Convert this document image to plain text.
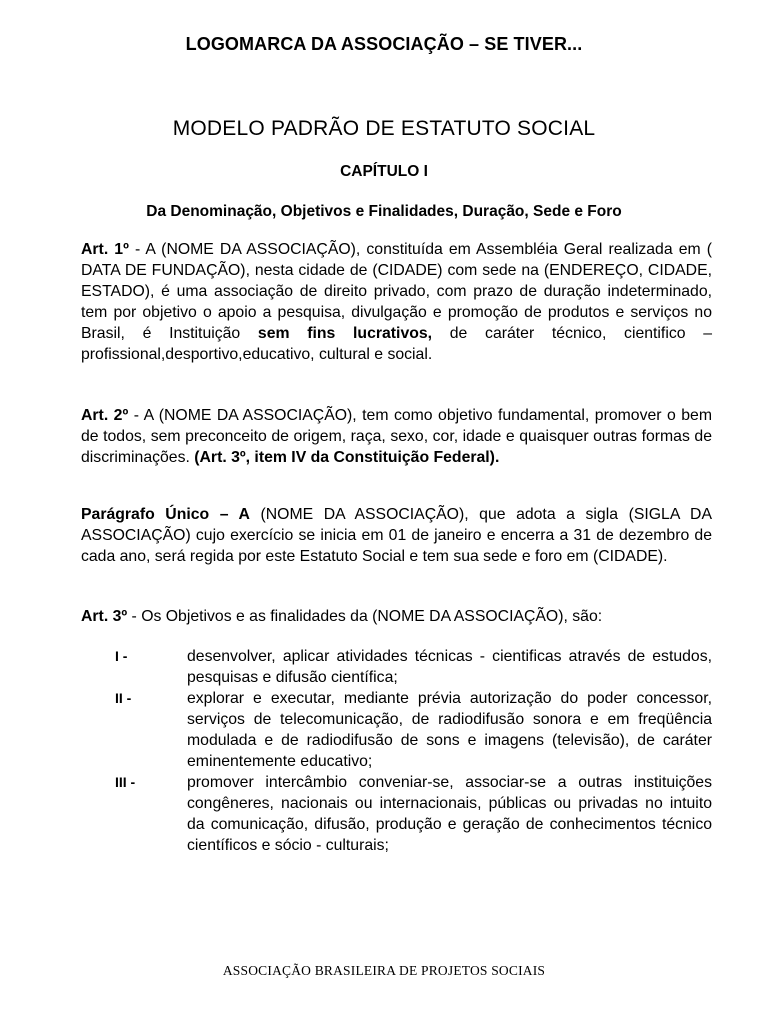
LOGOMARCA DA ASSOCIAÇÃO – SE TIVER...
MODELO PADRÃO DE ESTATUTO SOCIAL
CAPÍTULO I
Da Denominação, Objetivos e Finalidades, Duração, Sede e Foro
Art. 1º - A (NOME DA ASSOCIAÇÃO), constituída em Assembléia Geral realizada em ( DATA DE FUNDAÇÃO), nesta cidade de (CIDADE) com sede na (ENDEREÇO, CIDADE, ESTADO), é uma associação de direito privado, com prazo de duração indeterminado, tem por objetivo o apoio a pesquisa, divulgação e promoção de produtos e serviços no Brasil, é Instituição sem fins lucrativos, de caráter técnico, cientifico – profissional,desportivo,educativo, cultural e social.
Art. 2º - A (NOME DA ASSOCIAÇÃO), tem como objetivo fundamental, promover o bem de todos, sem preconceito de origem, raça, sexo, cor, idade e quaisquer outras formas de discriminações. (Art. 3º, item IV da Constituição Federal).
Parágrafo Único – A (NOME DA ASSOCIAÇÃO), que adota a sigla (SIGLA DA ASSOCIAÇÃO) cujo exercício se inicia em 01 de janeiro e encerra a 31 de dezembro de cada ano, será regida por este Estatuto Social e tem sua sede e foro em (CIDADE).
Art. 3º - Os Objetivos e as finalidades da (NOME DA ASSOCIAÇÃO), são:
I -	desenvolver, aplicar atividades técnicas - cientificas através de estudos, pesquisas e difusão científica;
II -	explorar e executar, mediante prévia autorização do poder concessor, serviços de telecomunicação, de radiodifusão sonora e em freqüência modulada e de radiodifusão de sons e imagens (televisão), de caráter eminentemente educativo;
III -	promover intercâmbio conveniar-se, associar-se a outras instituições congêneres, nacionais ou internacionais, públicas ou privadas no intuito da comunicação, difusão, produção e geração de conhecimentos técnico científicos e sócio - culturais;
ASSOCIAÇÃO BRASILEIRA DE PROJETOS SOCIAIS
